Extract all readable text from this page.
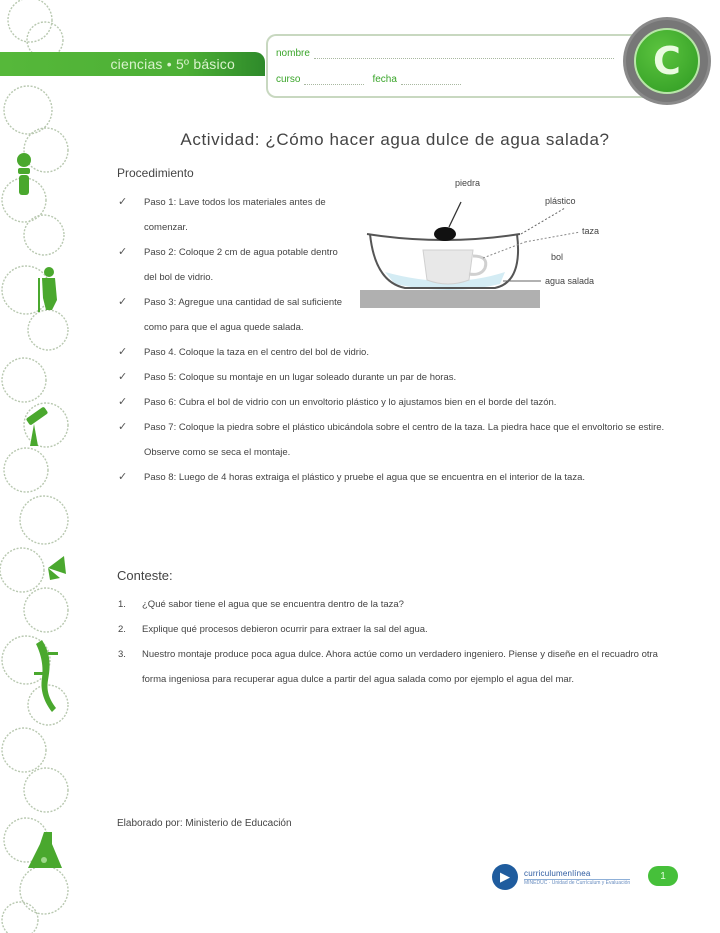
ciencias • 5º básico
nombre
curso	fecha	C
Actividad: ¿Cómo hacer agua dulce de agua salada?
Procedimiento
✓ Paso 1: Lave todos los materiales antes de comenzar.
✓ Paso 2: Coloque 2 cm de agua potable dentro del bol de vidrio.
✓ Paso 3: Agregue una cantidad de sal suficiente como para que el agua quede salada.
✓ Paso 4. Coloque la taza en el centro del bol de vidrio.
✓ Paso 5: Coloque su montaje en un lugar soleado durante un par de horas.
✓ Paso 6: Cubra el bol de vidrio con un envoltorio plástico y lo ajustamos bien en el borde del tazón.
✓ Paso 7: Coloque la piedra sobre el plástico ubicándola sobre el centro de la taza. La piedra hace que el envoltorio se estire. Observe como se seca el montaje.
✓ Paso 8: Luego de 4 horas extraiga el plástico y pruebe el agua que se encuentra en el interior de la taza.
piedra
plástico
taza
bol
agua salada
Conteste:
1. ¿Qué sabor tiene el agua que se encuentra dentro de la taza?
2. Explique qué procesos debieron ocurrir para extraer la sal del agua.
3. Nuestro montaje produce poca agua dulce. Ahora actúe como un verdadero ingeniero. Piense y diseñe en el recuadro otra forma ingeniosa para recuperar agua dulce a partir del agua salada como por ejemplo el agua del mar.
Elaborado por: Ministerio de Educación
▶	curriculumenlínea
MINEDUC · Unidad de Currículum y Evaluación
1
